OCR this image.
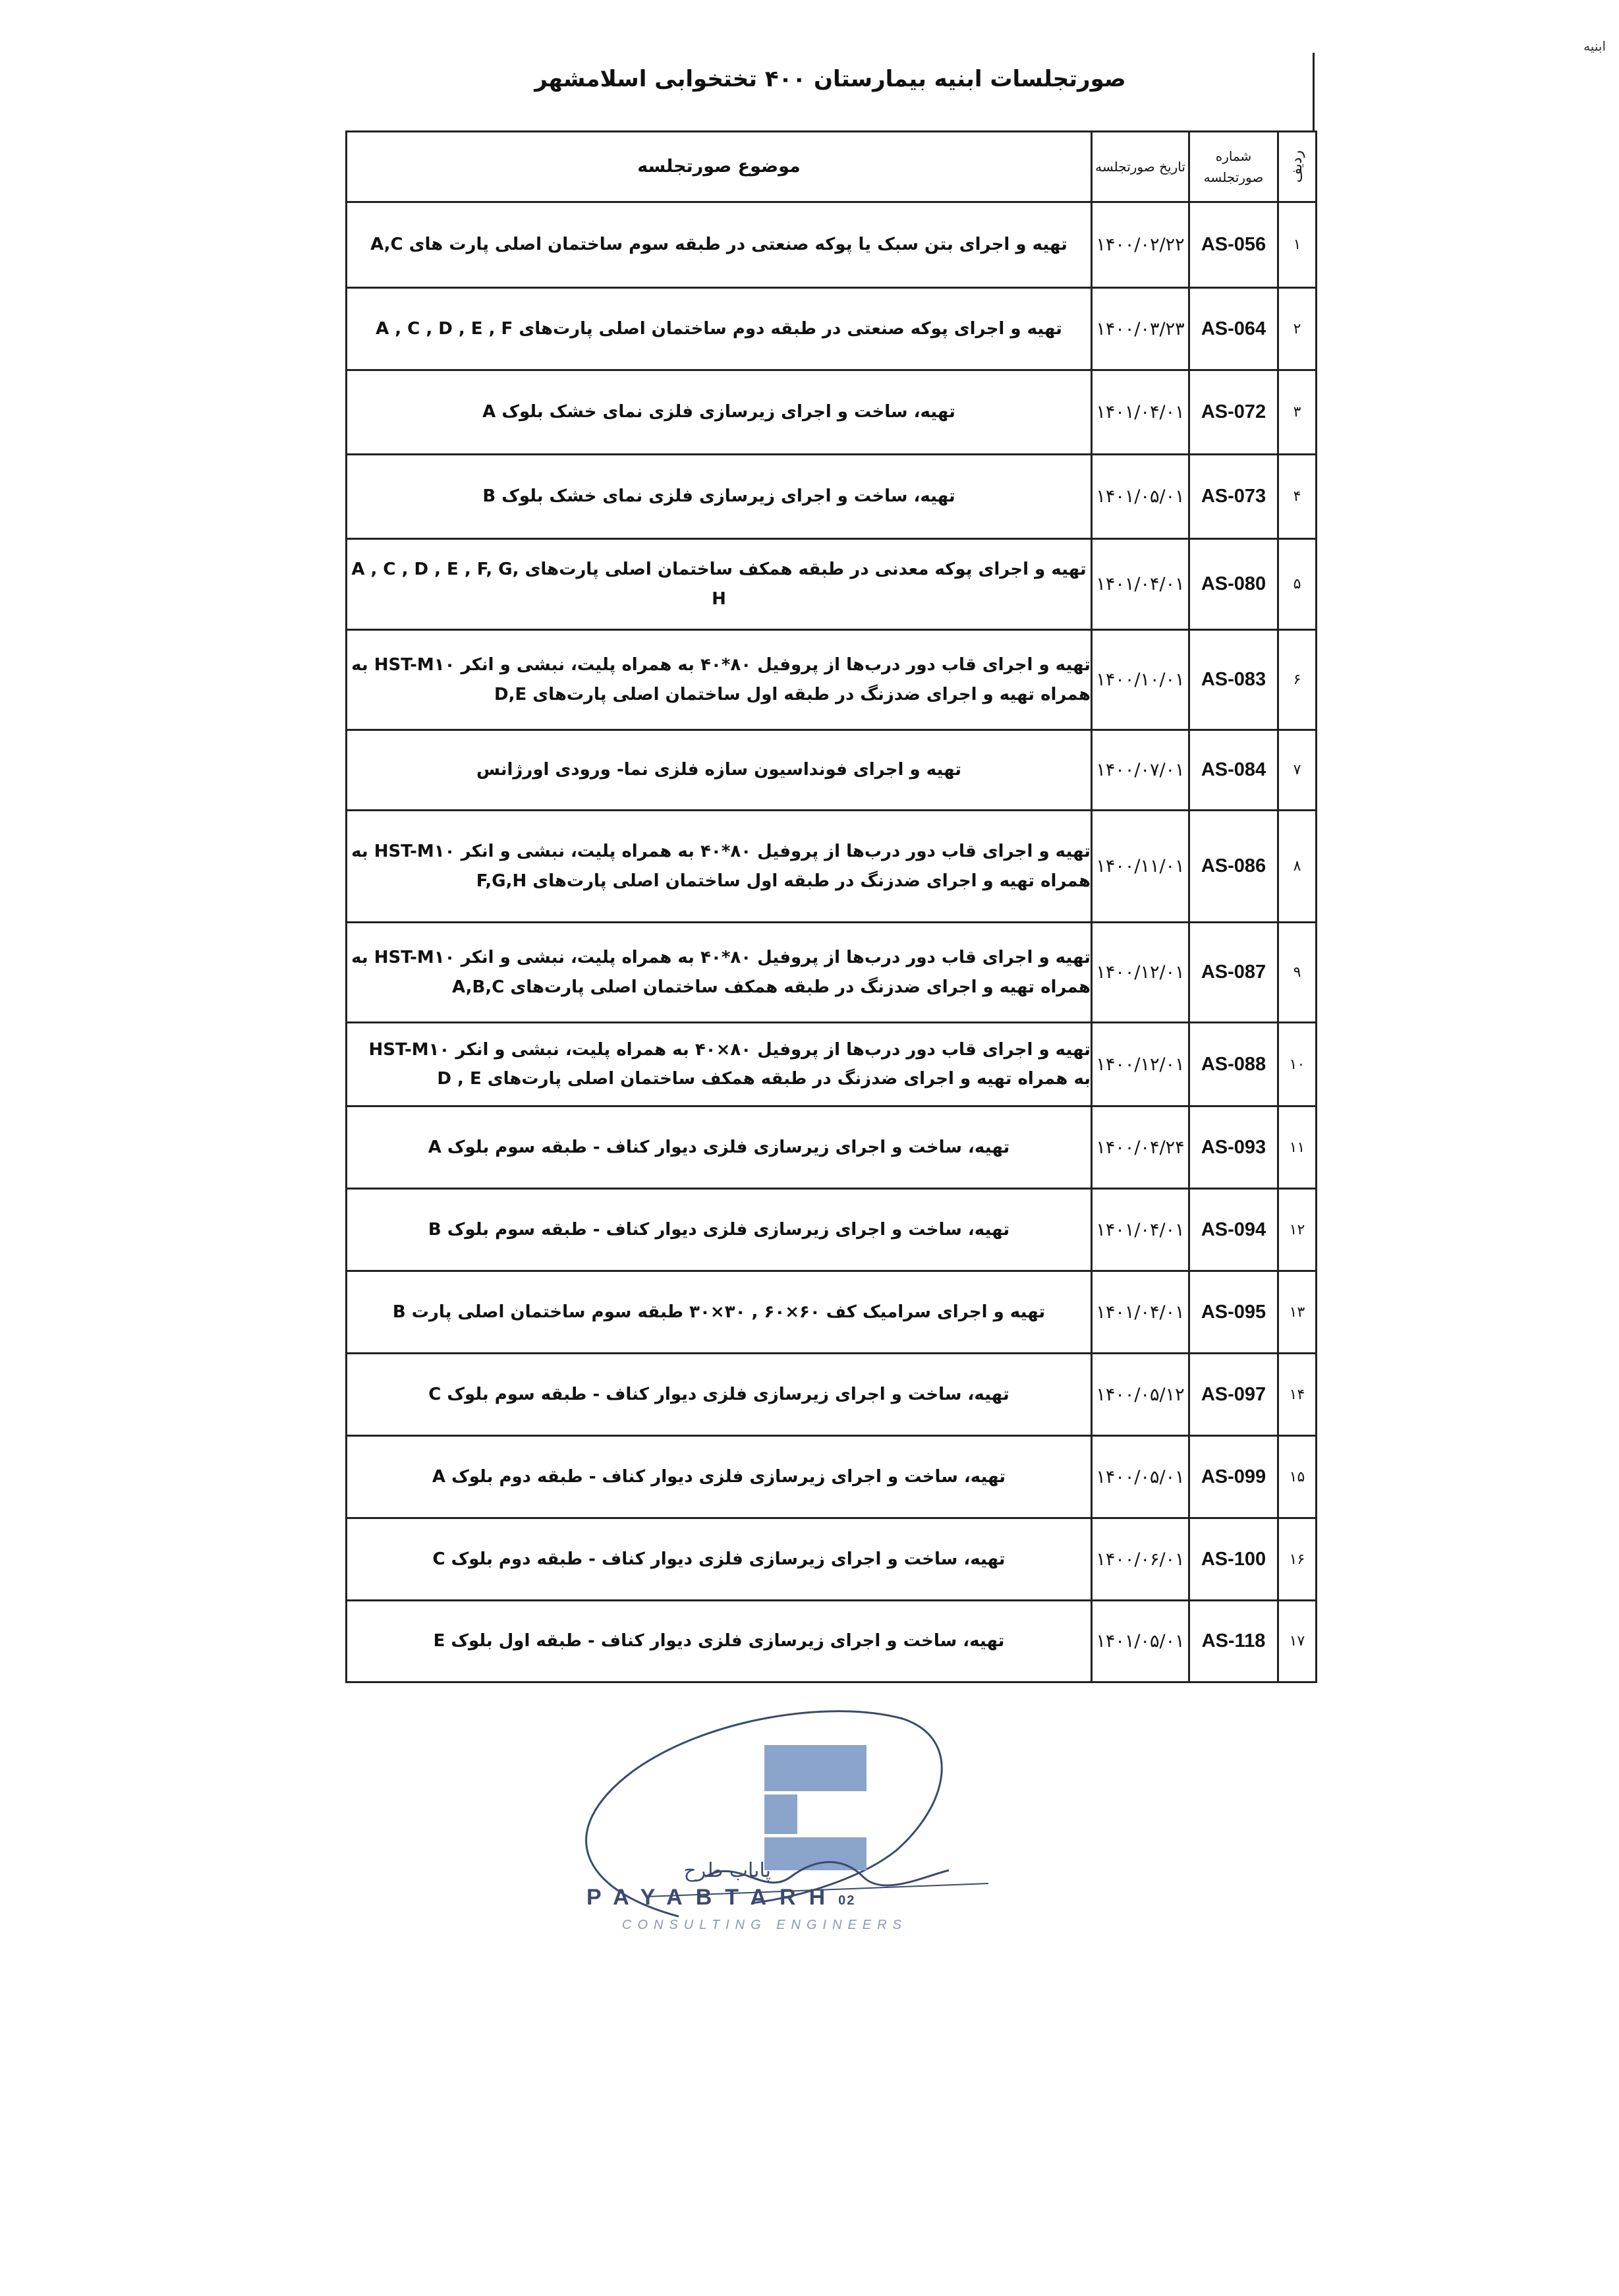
ابنیه
صورتجلسات ابنیه بیمارستان ۴۰۰ تختخوابی اسلامشهر
ردیف	شماره صورتجلسه	تاریخ صورتجلسه	موضوع صورتجلسه
۱	AS-056	۱۴۰۰/۰۲/۲۲	تهیه و اجرای بتن سبک یا پوکه صنعتی در طبقه سوم ساختمان اصلی پارت های A,C
۲	AS-064	۱۴۰۰/۰۳/۲۳	تهیه و اجرای پوکه صنعتی در طبقه دوم ساختمان اصلی پارت‌های A , C , D , E , F
۳	AS-072	۱۴۰۱/۰۴/۰۱	تهیه، ساخت و اجرای زیرسازی فلزی نمای خشک بلوک A
۴	AS-073	۱۴۰۱/۰۵/۰۱	تهیه، ساخت و اجرای زیرسازی فلزی نمای خشک بلوک B
۵	AS-080	۱۴۰۱/۰۴/۰۱	تهیه و اجرای پوکه معدنی در طبقه همکف ساختمان اصلی پارت‌های A , C , D , E , F, G, H
۶	AS-083	۱۴۰۰/۱۰/۰۱	تهیه و اجرای قاب دور درب‌ها از پروفیل ۸۰*۴۰ به همراه پلیت، نبشی و انکر HST-M۱۰ به همراه تهیه و اجرای ضدزنگ در طبقه اول ساختمان اصلی پارت‌های D,E
۷	AS-084	۱۴۰۰/۰۷/۰۱	تهیه و اجرای فونداسیون سازه فلزی نما- ورودی اورژانس
۸	AS-086	۱۴۰۰/۱۱/۰۱	تهیه و اجرای قاب دور درب‌ها از پروفیل ۸۰*۴۰ به همراه پلیت، نبشی و انکر HST-M۱۰ به همراه تهیه و اجرای ضدزنگ در طبقه اول ساختمان اصلی پارت‌های F,G,H
۹	AS-087	۱۴۰۰/۱۲/۰۱	تهیه و اجرای قاب دور درب‌ها از پروفیل ۸۰*۴۰ به همراه پلیت، نبشی و انکر HST-M۱۰ به همراه تهیه و اجرای ضدزنگ در طبقه همکف ساختمان اصلی پارت‌های A,B,C
۱۰	AS-088	۱۴۰۰/۱۲/۰۱	تهیه و اجرای قاب دور درب‌ها از پروفیل ۸۰×۴۰ به همراه پلیت، نبشی و انکر HST-M۱۰ به همراه تهیه و اجرای ضدزنگ در طبقه همکف ساختمان اصلی پارت‌های D , E
۱۱	AS-093	۱۴۰۰/۰۴/۲۴	تهیه، ساخت و اجرای زیرسازی فلزی دیوار کناف - طبقه سوم بلوک A
۱۲	AS-094	۱۴۰۱/۰۴/۰۱	تهیه، ساخت و اجرای زیرسازی فلزی دیوار کناف - طبقه سوم بلوک B
۱۳	AS-095	۱۴۰۱/۰۴/۰۱	تهیه و اجرای سرامیک کف ۶۰×۶۰ , ۳۰×۳۰ طبقه سوم ساختمان اصلی پارت B
۱۴	AS-097	۱۴۰۰/۰۵/۱۲	تهیه، ساخت و اجرای زیرسازی فلزی دیوار کناف - طبقه سوم بلوک C
۱۵	AS-099	۱۴۰۰/۰۵/۰۱	تهیه، ساخت و اجرای زیرسازی فلزی دیوار کناف - طبقه دوم بلوک A
۱۶	AS-100	۱۴۰۰/۰۶/۰۱	تهیه، ساخت و اجرای زیرسازی فلزی دیوار کناف - طبقه دوم بلوک C
۱۷	AS-118	۱۴۰۱/۰۵/۰۱	تهیه، ساخت و اجرای زیرسازی فلزی دیوار کناف - طبقه اول بلوک E
پایاب طرح
PAYABTARH02
CONSULTING ENGINEERS
